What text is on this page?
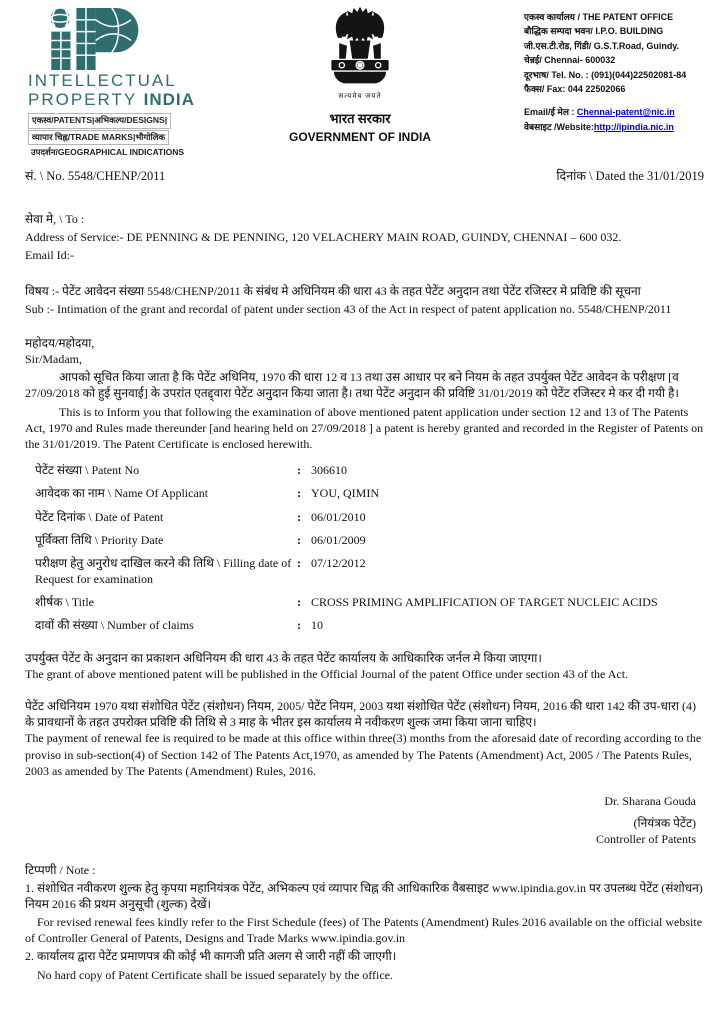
INTELLECTUAL
PROPERTY INDIA
एकस्व/PATENTS|अभिकल्प/DESIGNS|
व्यापार चिह्न/TRADE MARKS|भौगोलिक
उपदर्शन/GEOGRAPHICAL INDICATIONS
सत्यमेव जयते
भारत सरकार
GOVERNMENT OF INDIA
एकस्व कार्यालय / THE PATENT OFFICE
बौद्धिक सम्पदा भवन/ I.P.O. BUILDING
जी.एस.टी.रोड, गिंडी/ G.S.T.Road, Guindy.
चेन्नई/ Chennai- 600032
दूरभाष/ Tel. No. : (091)(044)22502081-84
फैक्स/ Fax: 044 22502066
Email/ई मेल : Chennai-patent@nic.in
वेबसाइट /Website:http://ipindia.nic.in
सं. \ No. 5548/CHENP/2011	दिनांक \ Dated the 31/01/2019
सेवा मे, \ To :
Address of Service:- DE PENNING & DE PENNING, 120 VELACHERY MAIN ROAD, GUINDY, CHENNAI – 600 032.
Email Id:-
विषय :- पेटेंट आवेदन संख्या 5548/CHENP/2011 के संबंध मे अधिनियम की धारा 43 के तहत पेटेंट अनुदान तथा पेटेंट रजिस्टर मे प्रविष्टि की सूचना
Sub :- Intimation of the grant and recordal of patent under section 43 of the Act in respect of patent application no. 5548/CHENP/2011
महोदय/महोदया,
Sir/Madam,
आपको सूचित किया जाता है कि पेटेंट अधिनिय, 1970 की धारा 12 व 13 तथा उस आधार पर बने नियम के तहत उपर्युक्त पेटेंट आवेदन के परीक्षण [व 27/09/2018 को हुई सुनवाई] के उपरांत एतद्द्वारा पेटेंट अनुदान किया जाता है। तथा पेटेंट अनुदान की प्रविष्टि 31/01/2019 को पेटेंट रजिस्टर मे कर दी गयी है।
This is to Inform you that following the examination of above mentioned patent application under section 12 and 13 of The Patents Act, 1970 and Rules made thereunder [and hearing held on 27/09/2018 ] a patent is hereby granted and recorded in the Register of Patents on the 31/01/2019. The Patent Certificate is enclosed herewith.
पेटेंट संख्या \ Patent No	: 306610
आवेदक का नाम \ Name Of Applicant	: YOU, QIMIN
पेटेंट दिनांक \ Date of Patent	: 06/01/2010
पूर्विक्ता तिथि \ Priority Date	: 06/01/2009
परीक्षण हेतु अनुरोध दाखिल करने की तिथि \ Filling date of Request for examination
: 07/12/2012
शीर्षक \ Title	: CROSS PRIMING AMPLIFICATION OF TARGET NUCLEIC ACIDS
दावों की संख्या \ Number of claims	: 10
उपर्युक्त पेटेंट के अनुदान का प्रकाशन अधिनियम की धारा 43 के तहत पेटेंट कार्यालय के आधिकारिक जर्नल मे किया जाएगा।
The grant of above mentioned patent will be published in the Official Journal of the patent Office under section 43 of the Act.
पेटेंट अधिनियम 1970 यथा संशोधित पेटेंट (संशोधन) नियम, 2005/ पेटेंट नियम, 2003 यथा संशोधित पेटेंट (संशोधन) नियम, 2016 की धारा 142 की उप-धारा (4) के प्रावधानों के तहत उपरोक्त प्रविष्टि की तिथि से 3 माह के भीतर इस कार्यालय मे नवीकरण शुल्क जमा किया जाना चाहिए।
The payment of renewal fee is required to be made at this office within three(3) months from the aforesaid date of recording according to the proviso in sub-section(4) of Section 142 of The Patents Act,1970, as amended by The Patents (Amendment) Act, 2005 / The Patents Rules, 2003 as amended by The Patents (Amendment) Rules, 2016.
Dr. Sharana Gouda
(नियंत्रक पेटेंट)
Controller of Patents
टिप्पणी / Note :
1. संशोधित नवीकरण शुल्क हेतु कृपया महानियंत्रक पेटेंट, अभिकल्प एवं व्यापार चिह्न की आधिकारिक वैबसाइट www.ipindia.gov.in पर उपलब्ध पेटेंट (संशोधन) नियम 2016 की प्रथम अनुसूची (शुल्क) देखें।
For revised renewal fees kindly refer to the First Schedule (fees) of The Patents (Amendment) Rules 2016 available on the official website of Controller General of Patents, Designs and Trade Marks www.ipindia.gov.in
2. कार्यालय द्वारा पेटेंट प्रमाणपत्र की कोई भी कागजी प्रति अलग से जारी नहीं की जाएगी।
No hard copy of Patent Certificate shall be issued separately by the office.
